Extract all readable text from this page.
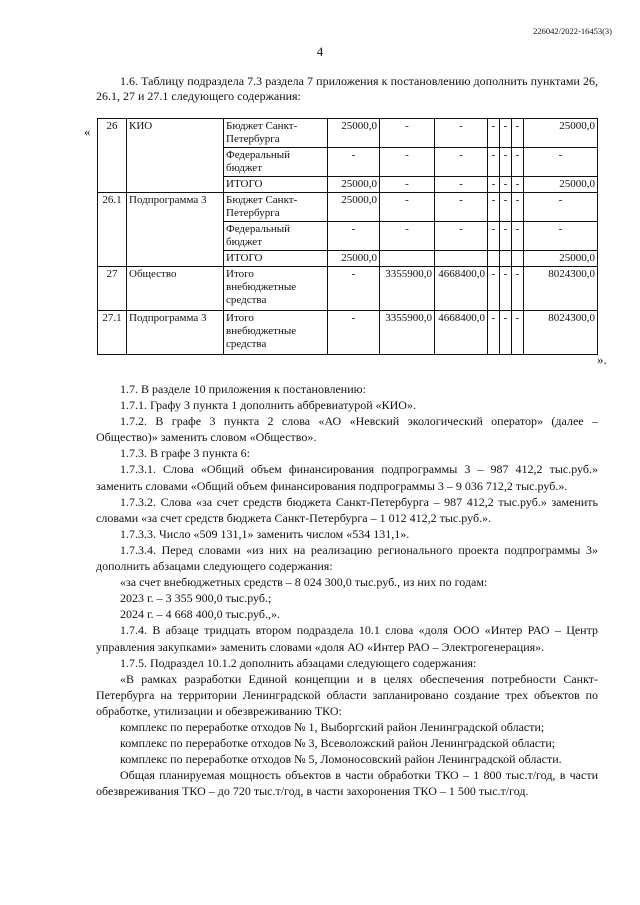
226042/2022-16453(3)
4

1.6. Таблицу подраздела 7.3 раздела 7 приложения к постановлению дополнить пунктами 26, 26.1, 27 и 27.1 следующего содержания:

« 26	КИО	Бюджет Санкт-Петербурга	25000,0	-	-	-	-	-	25000,0
		Федеральный бюджет	-	-	-	-	-	-	-
		ИТОГО	25000,0	-	-	-	-	-	25000,0
26.1	Подпрограмма 3	Бюджет Санкт-Петербурга	25000,0	-	-	-	-	-	-
		Федеральный бюджет	-	-	-	-	-	-	-
		ИТОГО	25000,0						25000,0
27	Общество	Итого внебюджетные средства	-	3355900,0	4668400,0	-	-	-	8024300,0
27.1	Подпрограмма 3	Итого внебюджетные средства	-	3355900,0	4668400,0	-	-	-	8024300,0
».

1.7. В разделе 10 приложения к постановлению:

1.7.1. Графу 3 пункта 1 дополнить аббревиатурой «КИО».

1.7.2. В графе 3 пункта 2 слова «АО «Невский экологический оператор» (далее – Общество)» заменить словом «Общество».

1.7.3. В графе 3 пункта 6:

1.7.3.1. Слова «Общий объем финансирования подпрограммы 3 – 987 412,2 тыс.руб.» заменить словами «Общий объем финансирования подпрограммы 3 – 9 036 712,2 тыс.руб.».

1.7.3.2. Слова «за счет средств бюджета Санкт-Петербурга – 987 412,2 тыс.руб.» заменить словами «за счет средств бюджета Санкт-Петербурга – 1 012 412,2 тыс.руб.».

1.7.3.3. Число «509 131,1» заменить числом «534 131,1».

1.7.3.4. Перед словами «из них на реализацию регионального проекта подпрограммы 3» дополнить абзацами следующего содержания:

«за счет внебюджетных средств – 8 024 300,0 тыс.руб., из них по годам:

2023 г. – 3 355 900,0 тыс.руб.;

2024 г. – 4 668 400,0 тыс.руб.,».

1.7.4. В абзаце тридцать втором подраздела 10.1 слова «доля ООО «Интер РАО – Центр управления закупками» заменить словами «доля АО «Интер РАО – Электрогенерация».

1.7.5. Подраздел 10.1.2 дополнить абзацами следующего содержания:

«В рамках разработки Единой концепции и в целях обеспечения потребности Санкт-Петербурга на территории Ленинградской области запланировано создание трех объектов по обработке, утилизации и обезвреживанию ТКО:

комплекс по переработке отходов № 1, Выборгский район Ленинградской области;

комплекс по переработке отходов № 3, Всеволожский район Ленинградской области;

комплекс по переработке отходов № 5, Ломоносовский район Ленинградской области.

Общая планируемая мощность объектов в части обработки ТКО – 1 800 тыс.т/год, в части обезвреживания ТКО – до 720 тыс.т/год, в части захоронения ТКО – 1 500 тыс.т/год.
